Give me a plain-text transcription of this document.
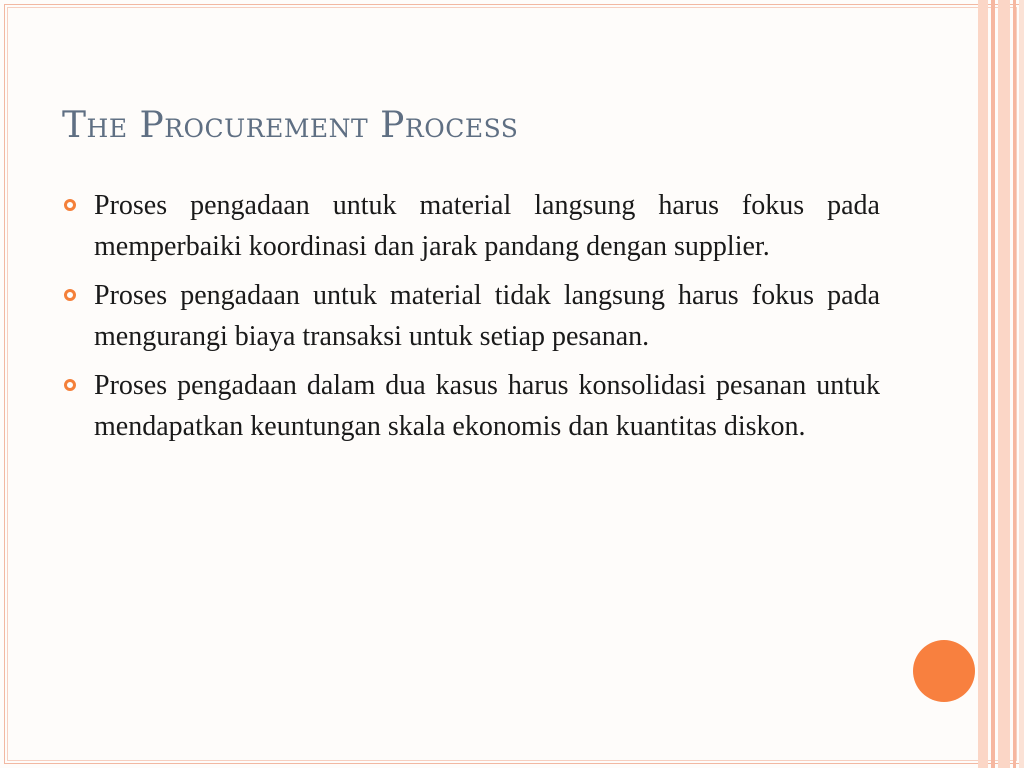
The Procurement Process
Proses pengadaan untuk material langsung harus fokus pada memperbaiki koordinasi dan jarak pandang dengan supplier.
Proses pengadaan untuk material tidak langsung harus fokus pada mengurangi biaya transaksi untuk setiap pesanan.
Proses pengadaan dalam dua kasus harus konsolidasi pesanan untuk mendapatkan keuntungan skala ekonomis dan kuantitas diskon.
